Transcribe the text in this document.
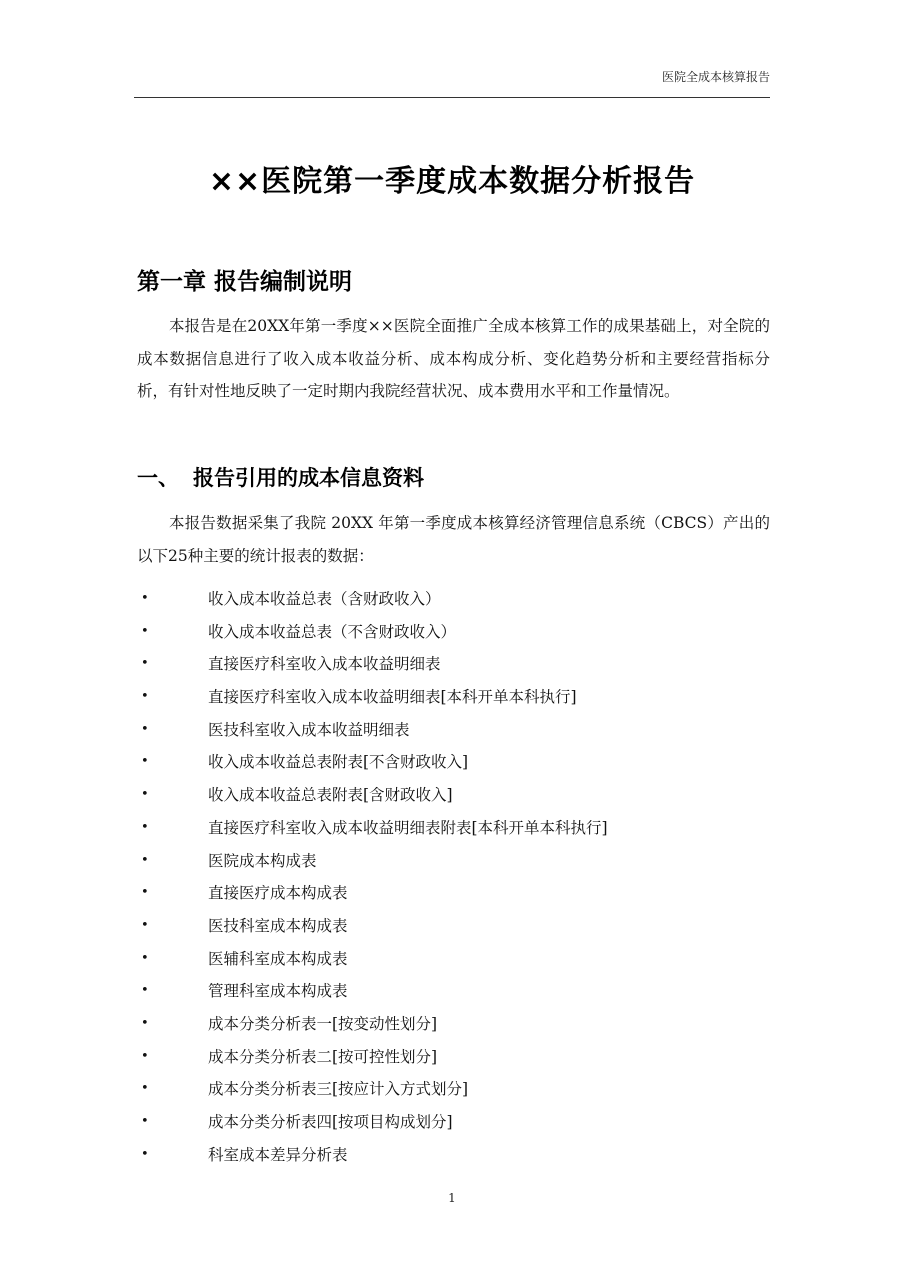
医院全成本核算报告
××医院第一季度成本数据分析报告
第一章 报告编制说明

本报告是在20XX年第一季度××医院全面推广全成本核算工作的成果基础上，对全院的成本数据信息进行了收入成本收益分析、成本构成分析、变化趋势分析和主要经营指标分析，有针对性地反映了一定时期内我院经营状况、成本费用水平和工作量情况。

一、 报告引用的成本信息资料

本报告数据采集了我院 20XX 年第一季度成本核算经济管理信息系统（CBCS）产出的以下25种主要的统计报表的数据：

•	收入成本收益总表（含财政收入）
•	收入成本收益总表（不含财政收入）
•	直接医疗科室收入成本收益明细表
•	直接医疗科室收入成本收益明细表[本科开单本科执行]
•	医技科室收入成本收益明细表
•	收入成本收益总表附表[不含财政收入]
•	收入成本收益总表附表[含财政收入]
•	直接医疗科室收入成本收益明细表附表[本科开单本科执行]
•	医院成本构成表
•	直接医疗成本构成表
•	医技科室成本构成表
•	医辅科室成本构成表
•	管理科室成本构成表
•	成本分类分析表一[按变动性划分]
•	成本分类分析表二[按可控性划分]
•	成本分类分析表三[按应计入方式划分]
•	成本分类分析表四[按项目构成划分]
•	科室成本差异分析表
1
